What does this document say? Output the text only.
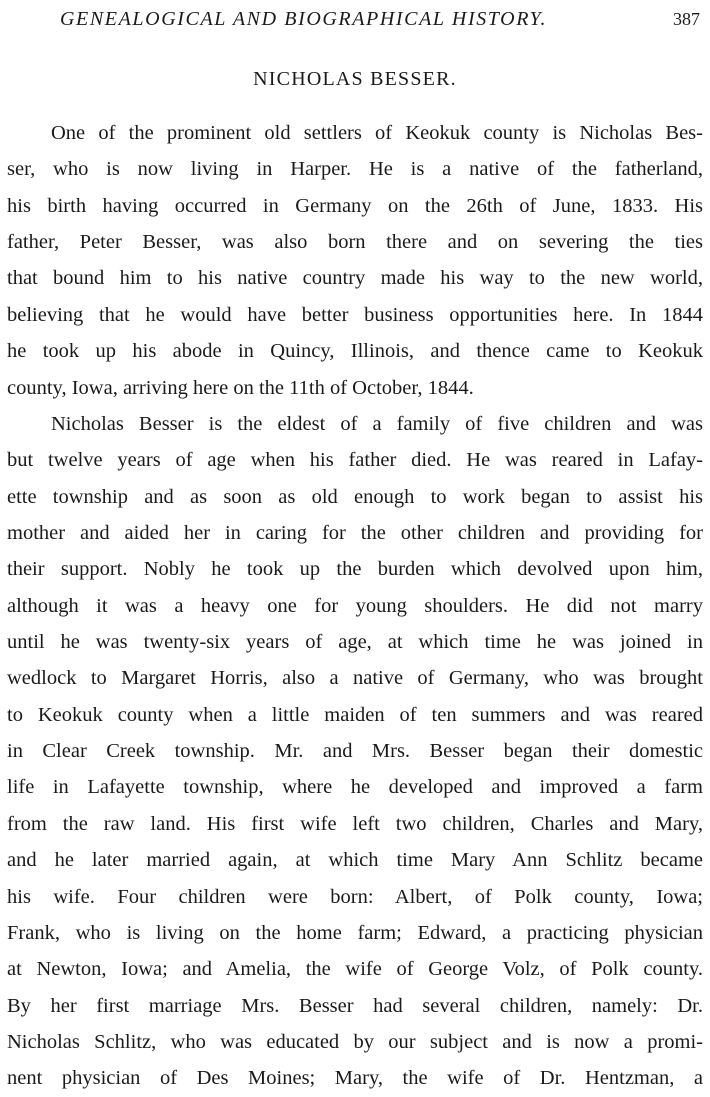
GENEALOGICAL AND BIOGRAPHICAL HISTORY.	387
NICHOLAS BESSER.
One of the prominent old settlers of Keokuk county is Nicholas Bes-
ser, who is now living in Harper. He is a native of the fatherland,
his birth having occurred in Germany on the 26th of June, 1833. His
father, Peter Besser, was also born there and on severing the ties
that bound him to his native country made his way to the new world,
believing that he would have better business opportunities here. In 1844
he took up his abode in Quincy, Illinois, and thence came to Keokuk
county, Iowa, arriving here on the 11th of October, 1844.
Nicholas Besser is the eldest of a family of five children and was
but twelve years of age when his father died. He was reared in Lafay-
ette township and as soon as old enough to work began to assist his
mother and aided her in caring for the other children and providing for
their support. Nobly he took up the burden which devolved upon him,
although it was a heavy one for young shoulders. He did not marry
until he was twenty-six years of age, at which time he was joined in
wedlock to Margaret Horris, also a native of Germany, who was brought
to Keokuk county when a little maiden of ten summers and was reared
in Clear Creek township. Mr. and Mrs. Besser began their domestic
life in Lafayette township, where he developed and improved a farm
from the raw land. His first wife left two children, Charles and Mary,
and he later married again, at which time Mary Ann Schlitz became
his wife. Four children were born: Albert, of Polk county, Iowa;
Frank, who is living on the home farm; Edward, a practicing physician
at Newton, Iowa; and Amelia, the wife of George Volz, of Polk county.
By her first marriage Mrs. Besser had several children, namely: Dr.
Nicholas Schlitz, who was educated by our subject and is now a promi-
nent physician of Des Moines; Mary, the wife of Dr. Hentzman, a
